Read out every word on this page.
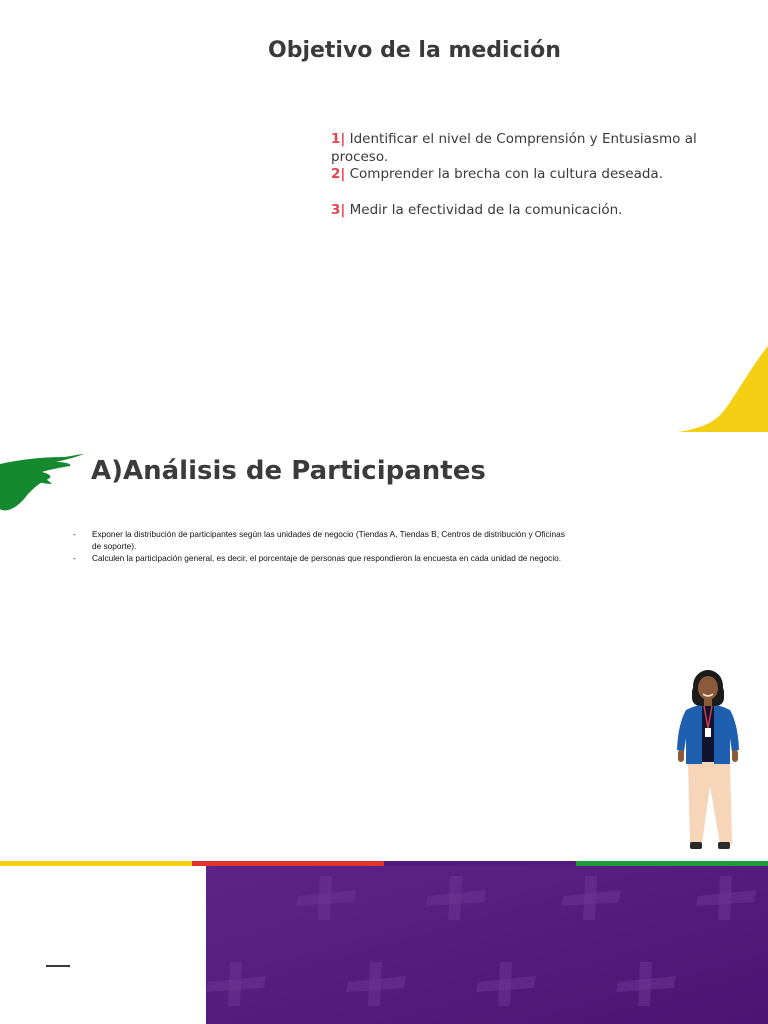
Objetivo de la medición

1| Identificar el nivel de Comprensión y Entusiasmo al proceso.

2| Comprender la brecha con la cultura deseada.

3| Medir la efectividad de la comunicación.

A)Análisis de Participantes
- Exponer la distribución de participantes según las unidades de negocio (Tiendas A, Tiendas B, Centros de distribución y Oficinas de soporte).
- Calculen la participación general, es decir, el porcentaje de personas que respondieron la encuesta en cada unidad de negocio.
